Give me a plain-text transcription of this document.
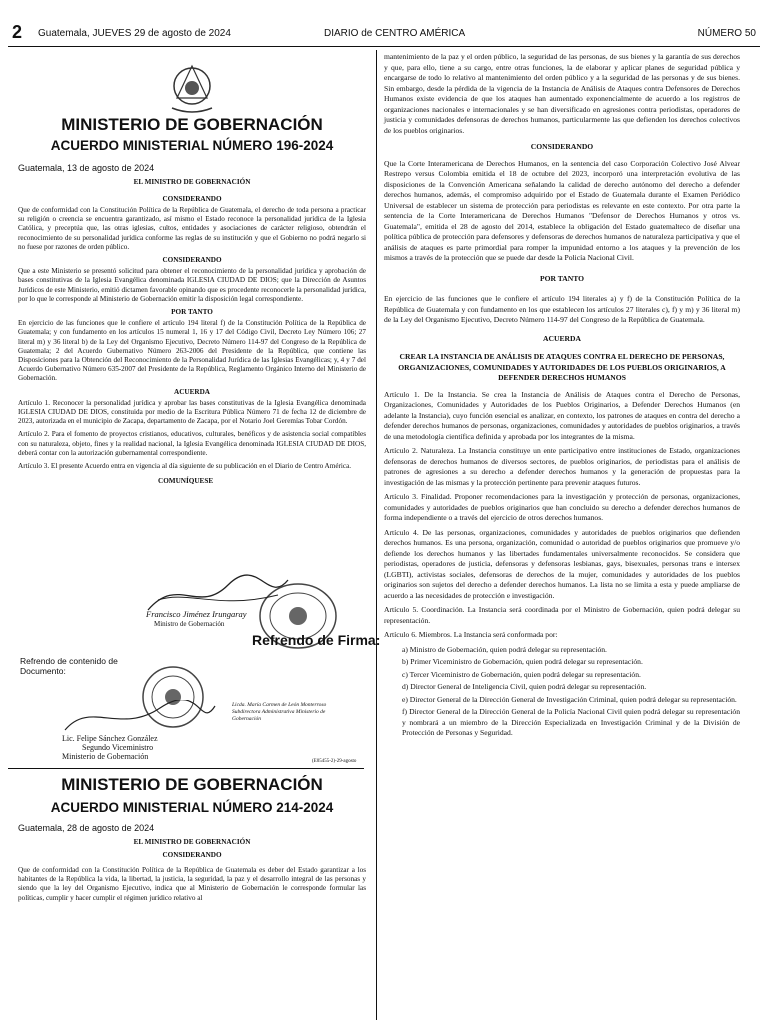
2 Guatemala, JUEVES 29 de agosto de 2024	DIARIO de CENTRO AMÉRICA	NÚMERO 50

MINISTERIO DE GOBERNACIÓN

ACUERDO MINISTERIAL NÚMERO 196-2024

Guatemala, 13 de agosto de 2024

EL MINISTRO DE GOBERNACIÓN
CONSIDERANDO

Que de conformidad con la Constitución Política de la República de Guatemala, el derecho de toda persona a practicar su religión o creencia se encuentra garantizado, así mismo el Estado reconoce la personalidad jurídica de la Iglesia Católica, y preceptúa que, las otras iglesias, cultos, entidades y asociaciones de carácter religioso, obtendrán el reconocimiento de su personalidad jurídica conforme las reglas de su institución y que el Gobierno no podrá negarlo si no fuese por razones de orden público.

CONSIDERANDO

Que a este Ministerio se presentó solicitud para obtener el reconocimiento de la personalidad jurídica y aprobación de bases constitutivas de la Iglesia Evangélica denominada IGLESIA CIUDAD DE DIOS; que la Dirección de Asuntos Jurídicos de este Ministerio, emitió dictamen favorable opinando que es procedente reconocerle la personalidad jurídica, por lo que le corresponde al Ministerio de Gobernación emitir la disposición legal correspondiente.

POR TANTO

En ejercicio de las funciones que le confiere el artículo 194 literal f) de la Constitución Política de la República de Guatemala; y con fundamento en los artículos 15 numeral 1, 16 y 17 del Código Civil, Decreto Ley Número 106; 27 literal m) y 36 literal b) de la Ley del Organismo Ejecutivo, Decreto Número 114-97 del Congreso de la República de Guatemala; 2 del Acuerdo Gubernativo Número 263-2006 del Presidente de la República, que contiene las Disposiciones para la Obtención del Reconocimiento de la Personalidad Jurídica de las Iglesias Evangélicas; y, 4 y 7 del Acuerdo Gubernativo Número 635-2007 del Presidente de la República, Reglamento Orgánico Interno del Ministerio de Gobernación.

ACUERDA

Artículo 1. Reconocer la personalidad jurídica y aprobar las bases constitutivas de la Iglesia Evangélica denominada IGLESIA CIUDAD DE DIOS, constituida por medio de la Escritura Pública Número 71 de fecha 12 de diciembre de 2023, autorizada en el municipio de Zacapa, departamento de Zacapa, por el Notario Joel Geremías Tobar Cordón.

Artículo 2. Para el fomento de proyectos cristianos, educativos, culturales, benéficos y de asistencia social compatibles con su naturaleza, objeto, fines y la realidad nacional, la Iglesia Evangélica denominada IGLESIA CIUDAD DE DIOS, deberá contar con la autorización gubernamental correspondiente.

Artículo 3. El presente Acuerdo entra en vigencia al día siguiente de su publicación en el Diario de Centro América.

COMUNÍQUESE
Francisco Jiménez Irungaray
Ministro de Gobernación
Refrendo de Firma:
Refrendo de contenido de Documento:
Licda. María Carmen de León Monterroso Subdirectora Administrativa Ministerio de Gobernación
Lic. Felipe Sánchez González
Segundo Viceministro
Ministerio de Gobernación
(E05455-2)-29-agosto

MINISTERIO DE GOBERNACIÓN

ACUERDO MINISTERIAL NÚMERO 214-2024

Guatemala, 28 de agosto de 2024

EL MINISTRO DE GOBERNACIÓN
CONSIDERANDO

Que de conformidad con la Constitución Política de la República de Guatemala es deber del Estado garantizar a los habitantes de la República la vida, la libertad, la justicia, la seguridad, la paz y el desarrollo integral de las personas y siendo que la ley del Organismo Ejecutivo, indica que al Ministerio de Gobernación le corresponde formular las políticas, cumplir y hacer cumplir el régimen jurídico relativo al

mantenimiento de la paz y el orden público, la seguridad de las personas, de sus bienes y la garantía de sus derechos y que, para ello, tiene a su cargo, entre otras funciones, la de elaborar y aplicar planes de seguridad pública y encargarse de todo lo relativo al mantenimiento del orden público y a la seguridad de las personas y de sus bienes. Sin embargo, desde la pérdida de la vigencia de la Instancia de Análisis de Ataques contra Defensores de Derechos Humanos existe evidencia de que los ataques han aumentado exponencialmente de acuerdo a los registros de organizaciones nacionales e internacionales y se han diversificado en agresiones contra periodistas, operadores de justicia y comunidades defensoras de derechos humanos, particularmente las que defienden los derechos colectivos de los pueblos originarios.

CONSIDERANDO

Que la Corte Interamericana de Derechos Humanos, en la sentencia del caso Corporación Colectivo José Alvear Restrepo versus Colombia emitida el 18 de octubre del 2023, incorporó una interpretación evolutiva de las disposiciones de la Convención Americana señalando la calidad de derecho autónomo del derecho a defender derechos humanos, además, el compromiso adquirido por el Estado de Guatemala durante el Examen Periódico Universal de establecer un sistema de protección para periodistas es relevante en este contexto. Por otra parte la sentencia de la Corte Interamericana de Derechos Humanos "Defensor de Derechos Humanos y otros vs. Guatemala", emitida el 28 de agosto del 2014, establece la obligación del Estado guatemalteco de diseñar una política pública de protección para defensores y defensoras de derechos humanos de naturaleza participativa y que el análisis de ataques es parte primordial para romper la impunidad entorno a los ataques y la prevención de los mismos a través de la protección que se puede dar desde la Policía Nacional Civil.

POR TANTO

En ejercicio de las funciones que le confiere el artículo 194 literales a) y f) de la Constitución Política de la República de Guatemala y con fundamento en los que establecen los artículos 27 literales c), f) y m) y 36 literal m) de la Ley del Organismo Ejecutivo, Decreto Número 114-97 del Congreso de la República de Guatemala.

ACUERDA
CREAR LA INSTANCIA DE ANÁLISIS DE ATAQUES CONTRA EL DERECHO DE PERSONAS, ORGANIZACIONES, COMUNIDADES Y AUTORIDADES DE LOS PUEBLOS ORIGINARIOS, A DEFENDER DERECHOS HUMANOS

Artículo 1. De la Instancia. Se crea la Instancia de Análisis de Ataques contra el Derecho de Personas, Organizaciones, Comunidades y Autoridades de los Pueblos Originarios, a Defender Derechos Humanos (en adelante la Instancia), cuyo función esencial es analizar, en contexto, los patrones de ataques en contra del derecho a defender derechos humanos de personas, organizaciones, comunidades y autoridades de pueblos originarios, a través de una metodología científica definida y aprobada por los integrantes de la misma.

Artículo 2. Naturaleza. La Instancia constituye un ente participativo entre instituciones de Estado, organizaciones defensoras de derechos humanos de diversos sectores, de pueblos originarios, de periodistas para el análisis de patrones de agresiones a su derecho a defender derechos humanos y la generación de propuestas para la investigación de las mismas y la protección pertinente para prevenir ataques futuros.

Artículo 3. Finalidad. Proponer recomendaciones para la investigación y protección de personas, organizaciones, comunidades y autoridades de pueblos originarios que han concluido su derecho a defender derechos humanos de forma independiente o a través del ejercicio de otros derechos humanos.

Artículo 4. De las personas, organizaciones, comunidades y autoridades de pueblos originarios que defienden derechos humanos. Es una persona, organización, comunidad o autoridad de pueblos originarios que promueve y/o defiende los derechos humanos y las libertades fundamentales universalmente reconocidos. Se considera que periodistas, operadores de justicia, defensoras y defensoras lesbianas, gays, bisexuales, personas trans e intersex (LGBTI), activistas sociales, defensoras de derechos de la mujer, comunidades y autoridades de los pueblos originarios son sujetos del derecho a defender derechos humanos. La lista no se limita a esta y puede ampliarse de acuerdo a las necesidades de protección e investigación.

Artículo 5. Coordinación. La Instancia será coordinada por el Ministro de Gobernación, quien podrá delegar su representación.

Artículo 6. Miembros. La Instancia será conformada por:

a) Ministro de Gobernación, quien podrá delegar su representación.
b) Primer Viceministro de Gobernación, quien podrá delegar su representación.
c) Tercer Viceministro de Gobernación, quien podrá delegar su representación.
d) Director General de Inteligencia Civil, quien podrá delegar su representación.
e) Director General de la Dirección General de Investigación Criminal, quien podrá delegar su representación.
f) Director General de la Dirección General de la Policía Nacional Civil quien podrá delegar su representación y nombrará a un miembro de la Dirección Especializada en Investigación Criminal y de la División de Protección de Personas y Seguridad.
